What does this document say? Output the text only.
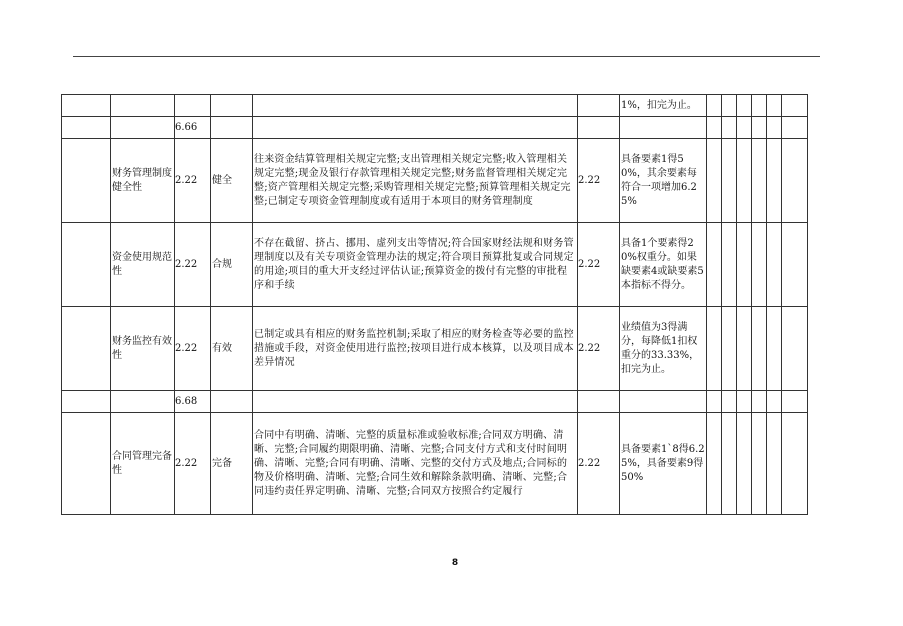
						1%，扣完为止。						
		6.66										
	财务管理制度健全性	2.22	健全	往来资金结算管理相关规定完整;支出管理相关规定完整;收入管理相关规定完整;现金及银行存款管理相关规定完整;财务监督管理相关规定完整;资产管理相关规定完整;采购管理相关规定完整;预算管理相关规定完整;已制定专项资金管理制度或有适用于本项目的财务管理制度	2.22	具备要素1得50%，其余要素每符合一项增加6.25%						
	资金使用规范性	2.22	合规	不存在截留、挤占、挪用、虚列支出等情况;符合国家财经法规和财务管理制度以及有关专项资金管理办法的规定;符合项目预算批复或合同规定的用途;项目的重大开支经过评估认证;预算资金的拨付有完整的审批程序和手续	2.22	具备1个要素得20%权重分。如果缺要素4或缺要素5本指标不得分。						
	财务监控有效性	2.22	有效	已制定或具有相应的财务监控机制;采取了相应的财务检查等必要的监控措施或手段，对资金使用进行监控;按项目进行成本核算，以及项目成本差异情况	2.22	业绩值为3得满分，每降低1扣权重分的33.33%，扣完为止。						
		6.68										
	合同管理完备性	2.22	完备	合同中有明确、清晰、完整的质量标准或验收标准;合同双方明确、清晰、完整;合同履约期限明确、清晰、完整;合同支付方式和支付时间明确、清晰、完整;合同有明确、清晰、完整的交付方式及地点;合同标的物及价格明确、清晰、完整;合同生效和解除条款明确、清晰、完整;合同违约责任界定明确、清晰、完整;合同双方按照合约定履行	2.22	具备要素1`8得6.25%，具备要素9得50%						
8
